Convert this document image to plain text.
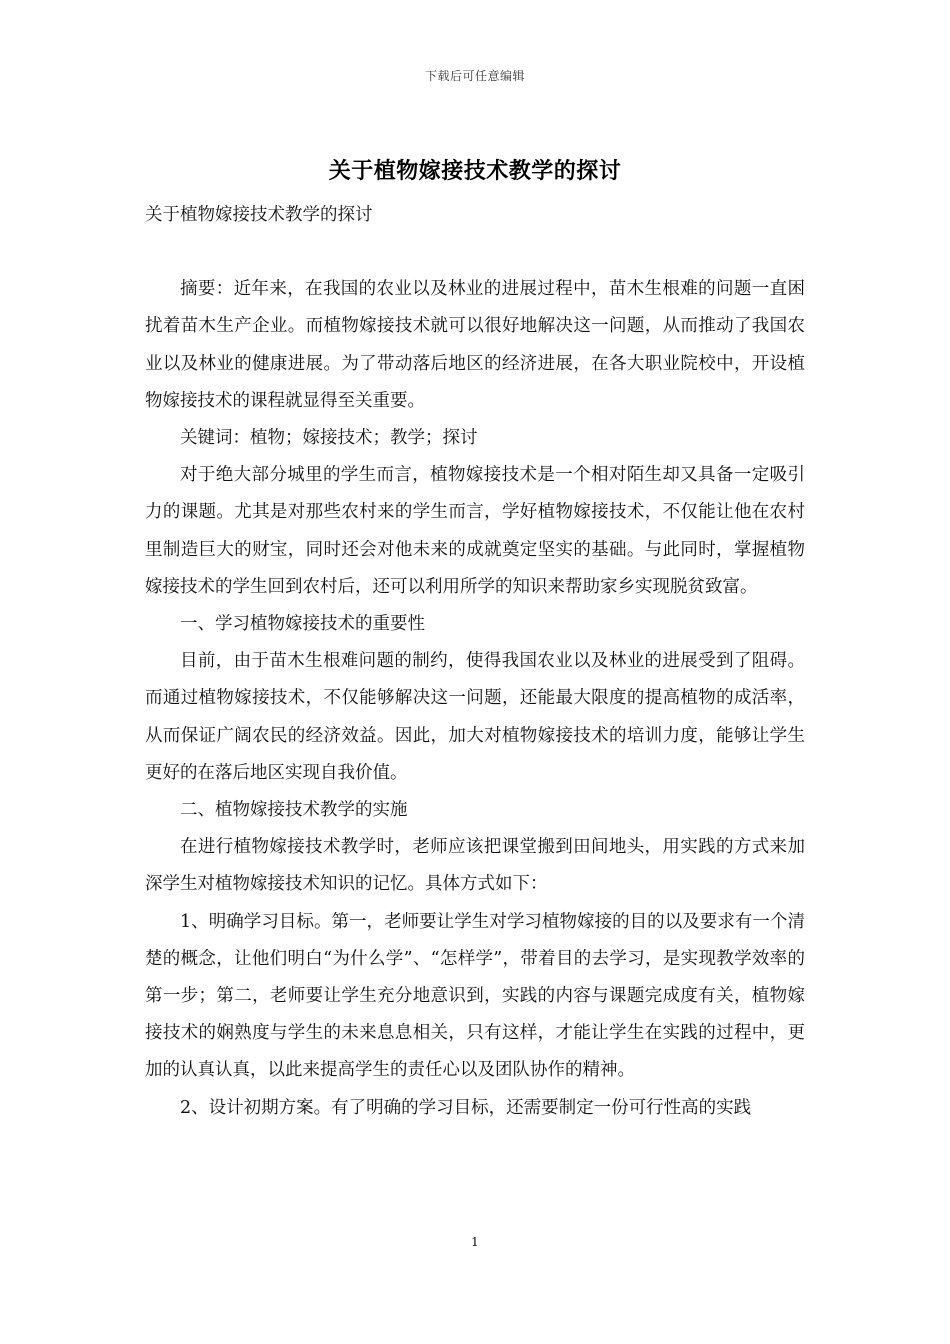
下载后可任意编辑
关于植物嫁接技术教学的探讨

关于植物嫁接技术教学的探讨

摘要：近年来，在我国的农业以及林业的进展过程中，苗木生根难的问题一直困扰着苗木生产企业。而植物嫁接技术就可以很好地解决这一问题，从而推动了我国农业以及林业的健康进展。为了带动落后地区的经济进展，在各大职业院校中，开设植物嫁接技术的课程就显得至关重要。

关键词：植物；嫁接技术；教学；探讨

对于绝大部分城里的学生而言，植物嫁接技术是一个相对陌生却又具备一定吸引力的课题。尤其是对那些农村来的学生而言，学好植物嫁接技术，不仅能让他在农村里制造巨大的财宝，同时还会对他未来的成就奠定坚实的基础。与此同时，掌握植物嫁接技术的学生回到农村后，还可以利用所学的知识来帮助家乡实现脱贫致富。

一、学习植物嫁接技术的重要性

目前，由于苗木生根难问题的制约，使得我国农业以及林业的进展受到了阻碍。而通过植物嫁接技术，不仅能够解决这一问题，还能最大限度的提高植物的成活率，从而保证广阔农民的经济效益。因此，加大对植物嫁接技术的培训力度，能够让学生更好的在落后地区实现自我价值。

二、植物嫁接技术教学的实施

在进行植物嫁接技术教学时，老师应该把课堂搬到田间地头，用实践的方式来加深学生对植物嫁接技术知识的记忆。具体方式如下：

1、明确学习目标。第一，老师要让学生对学习植物嫁接的目的以及要求有一个清楚的概念，让他们明白“为什么学”、“怎样学”，带着目的去学习，是实现教学效率的第一步；第二，老师要让学生充分地意识到，实践的内容与课题完成度有关，植物嫁接技术的娴熟度与学生的未来息息相关，只有这样，才能让学生在实践的过程中，更加的认真认真，以此来提高学生的责任心以及团队协作的精神。

2、设计初期方案。有了明确的学习目标，还需要制定一份可行性高的实践

1
